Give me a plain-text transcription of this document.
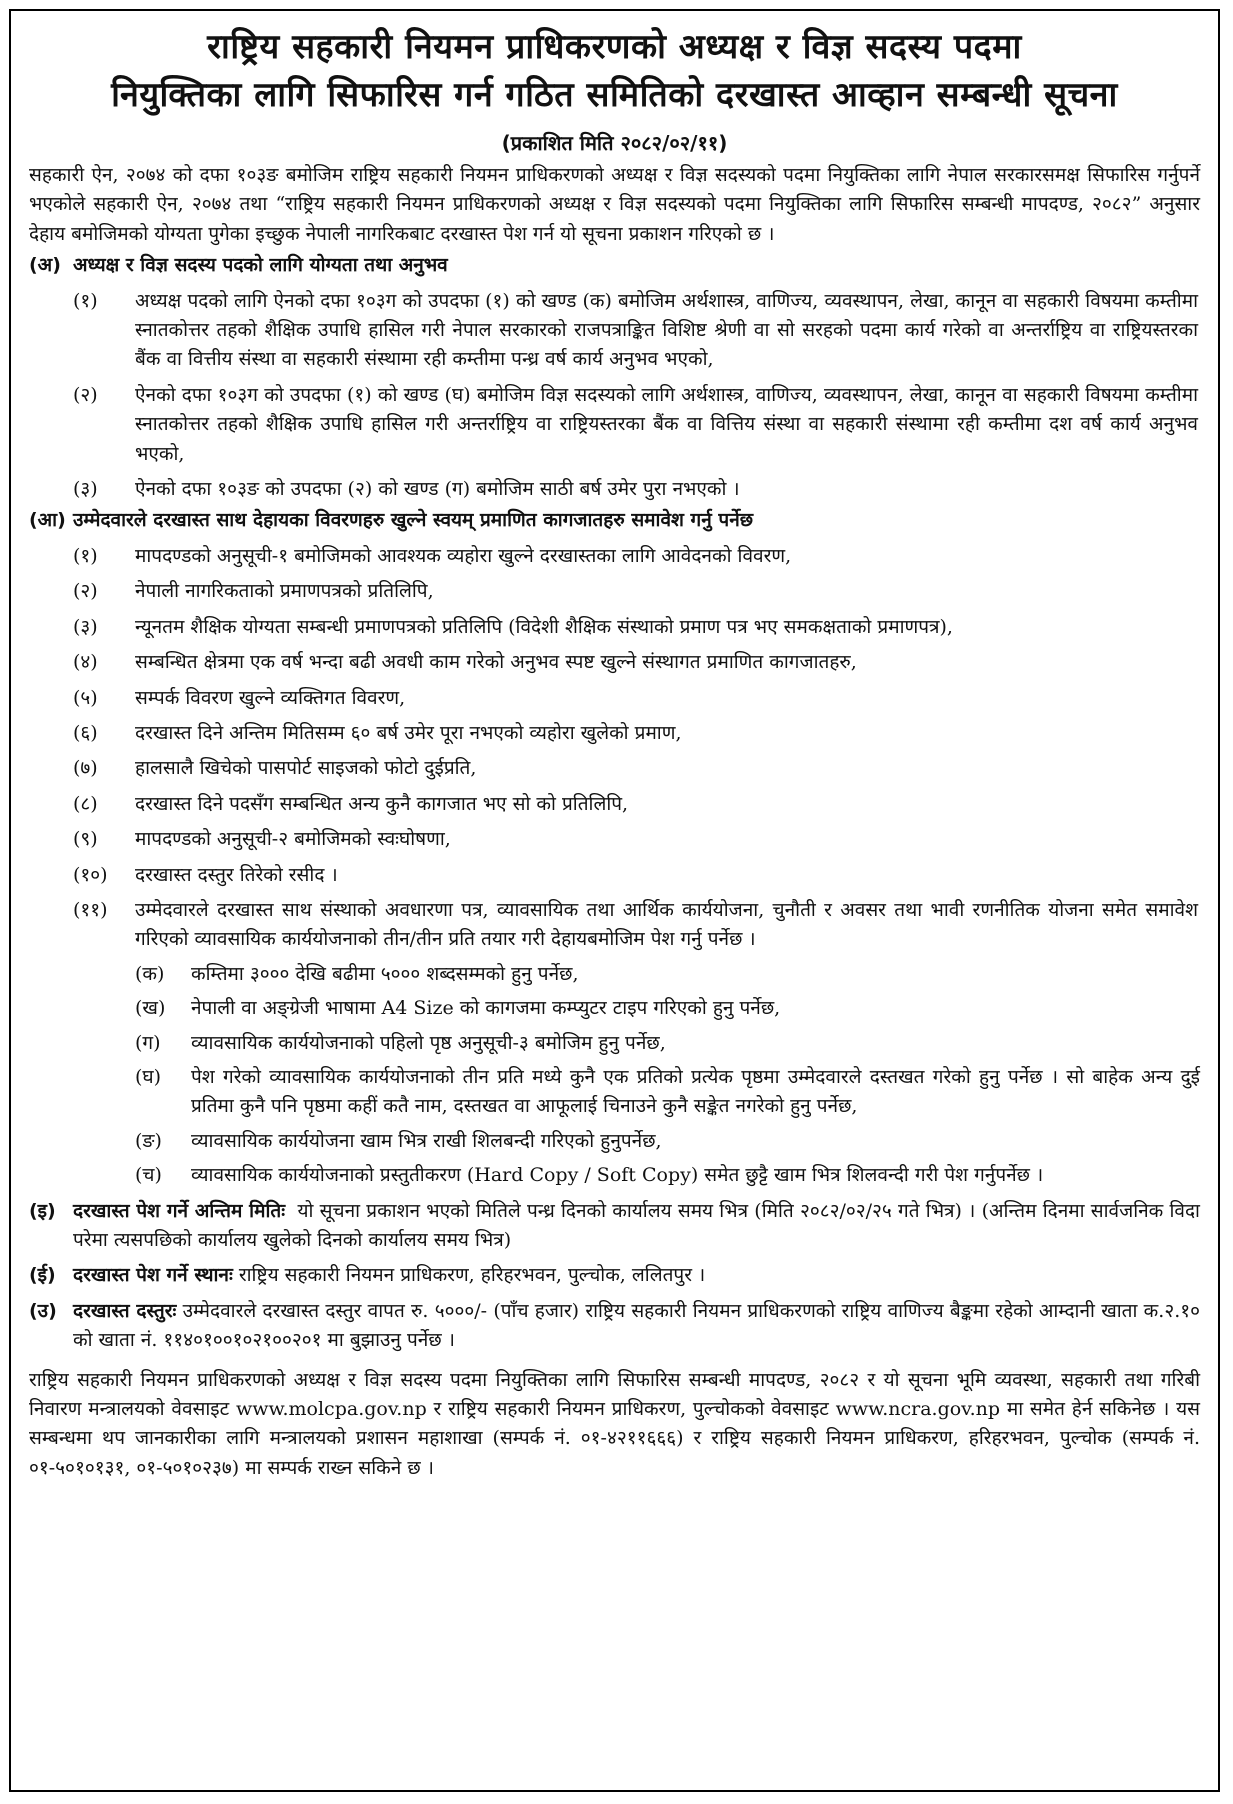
राष्ट्रिय सहकारी नियमन प्राधिकरणको अध्यक्ष र विज्ञ सदस्य पदमा
नियुक्तिका लागि सिफारिस गर्न गठित समितिको दरखास्त आव्हान सम्बन्धी सूचना
(प्रकाशित मिति २०८२/०२/११)
सहकारी ऐन, २०७४ को दफा १०३ङ बमोजिम राष्ट्रिय सहकारी नियमन प्राधिकरणको अध्यक्ष र विज्ञ सदस्यको पदमा नियुक्तिका लागि नेपाल सरकारसमक्ष सिफारिस गर्नुपर्ने भएकोले सहकारी ऐन, २०७४ तथा “राष्ट्रिय सहकारी नियमन प्राधिकरणको अध्यक्ष र विज्ञ सदस्यको पदमा नियुक्तिका लागि सिफारिस सम्बन्धी मापदण्ड, २०८२” अनुसार देहाय बमोजिमको योग्यता पुगेका इच्छुक नेपाली नागरिकबाट दरखास्त पेश गर्न यो सूचना प्रकाशन गरिएको छ ।
(अ) अध्यक्ष र विज्ञ सदस्य पदको लागि योग्यता तथा अनुभव
(१)	अध्यक्ष पदको लागि ऐनको दफा १०३ग को उपदफा (१) को खण्ड (क) बमोजिम अर्थशास्त्र, वाणिज्य, व्यवस्थापन, लेखा, कानून वा सहकारी विषयमा कम्तीमा स्नातकोत्तर तहको शैक्षिक उपाधि हासिल गरी नेपाल सरकारको राजपत्राङ्कित विशिष्ट श्रेणी वा सो सरहको पदमा कार्य गरेको वा अन्तर्राष्ट्रिय वा राष्ट्रियस्तरका बैंक वा वित्तीय संस्था वा सहकारी संस्थामा रही कम्तीमा पन्ध्र वर्ष कार्य अनुभव भएको,
(२)	ऐनको दफा १०३ग को उपदफा (१) को खण्ड (घ) बमोजिम विज्ञ सदस्यको लागि अर्थशास्त्र, वाणिज्य, व्यवस्थापन, लेखा, कानून वा सहकारी विषयमा कम्तीमा स्नातकोत्तर तहको शैक्षिक उपाधि हासिल गरी अन्तर्राष्ट्रिय वा राष्ट्रियस्तरका बैंक वा वित्तिय संस्था वा सहकारी संस्थामा रही कम्तीमा दश वर्ष कार्य अनुभव भएको,
(३)	ऐनको दफा १०३ङ को उपदफा (२) को खण्ड (ग) बमोजिम साठी बर्ष उमेर पुरा नभएको ।
(आ) उम्मेदवारले दरखास्त साथ देहायका विवरणहरु खुल्ने स्वयम् प्रमाणित कागजातहरु समावेश गर्नु पर्नेछ
(१)	मापदण्डको अनुसूची-१ बमोजिमको आवश्यक व्यहोरा खुल्ने दरखास्तका लागि आवेदनको विवरण,
(२)	नेपाली नागरिकताको प्रमाणपत्रको प्रतिलिपि,
(३)	न्यूनतम शैक्षिक योग्यता सम्बन्धी प्रमाणपत्रको प्रतिलिपि (विदेशी शैक्षिक संस्थाको प्रमाण पत्र भए समकक्षताको प्रमाणपत्र),
(४)	सम्बन्धित क्षेत्रमा एक वर्ष भन्दा बढी अवधी काम गरेको अनुभव स्पष्ट खुल्ने संस्थागत प्रमाणित कागजातहरु,
(५)	सम्पर्क विवरण खुल्ने व्यक्तिगत विवरण,
(६)	दरखास्त दिने अन्तिम मितिसम्म ६० बर्ष उमेर पूरा नभएको व्यहोरा खुलेको प्रमाण,
(७)	हालसालै खिचेको पासपोर्ट साइजको फोटो दुईप्रति,
(८)	दरखास्त दिने पदसँग सम्बन्धित अन्य कुनै कागजात भए सो को प्रतिलिपि,
(९)	मापदण्डको अनुसूची-२ बमोजिमको स्वःघोषणा,
(१०)	दरखास्त दस्तुर तिरेको रसीद ।
(११)	उम्मेदवारले दरखास्त साथ संस्थाको अवधारणा पत्र, व्यावसायिक तथा आर्थिक कार्ययोजना, चुनौती र अवसर तथा भावी रणनीतिक योजना समेत समावेश गरिएको व्यावसायिक कार्ययोजनाको तीन/तीन प्रति तयार गरी देहायबमोजिम पेश गर्नु पर्नेछ ।
(क)	कम्तिमा ३००० देखि बढीमा ५००० शब्दसम्मको हुनु पर्नेछ,
(ख)	नेपाली वा अङ्ग्रेजी भाषामा A4 Size को कागजमा कम्प्युटर टाइप गरिएको हुनु पर्नेछ,
(ग)	व्यावसायिक कार्ययोजनाको पहिलो पृष्ठ अनुसूची-३ बमोजिम हुनु पर्नेछ,
(घ)	पेश गरेको व्यावसायिक कार्ययोजनाको तीन प्रति मध्ये कुनै एक प्रतिको प्रत्येक पृष्ठमा उम्मेदवारले दस्तखत गरेको हुनु पर्नेछ । सो बाहेक अन्य दुई प्रतिमा कुनै पनि पृष्ठमा कहीं कतै नाम, दस्तखत वा आफूलाई चिनाउने कुनै सङ्केत नगरेको हुनु पर्नेछ,
(ङ)	व्यावसायिक कार्ययोजना खाम भित्र राखी शिलबन्दी गरिएको हुनुपर्नेछ,
(च)	व्यावसायिक कार्ययोजनाको प्रस्तुतीकरण (Hard Copy / Soft Copy) समेत छुट्टै खाम भित्र शिलवन्दी गरी पेश गर्नुपर्नेछ ।
(इ) दरखास्त पेश गर्ने अन्तिम मितिः यो सूचना प्रकाशन भएको मितिले पन्ध्र दिनको कार्यालय समय भित्र (मिति २०८२/०२/२५ गते भित्र) । (अन्तिम दिनमा सार्वजनिक विदा परेमा त्यसपछिको कार्यालय खुलेको दिनको कार्यालय समय भित्र)
(ई) दरखास्त पेश गर्ने स्थानः राष्ट्रिय सहकारी नियमन प्राधिकरण, हरिहरभवन, पुल्चोक, ललितपुर ।
(उ) दरखास्त दस्तुरः उम्मेदवारले दरखास्त दस्तुर वापत रु. ५०००/- (पाँच हजार) राष्ट्रिय सहकारी नियमन प्राधिकरणको राष्ट्रिय वाणिज्य बैङ्कमा रहेको आम्दानी खाता क.२.१० को खाता नं. ११४०१००१०२१००२०१ मा बुझाउनु पर्नेछ ।
राष्ट्रिय सहकारी नियमन प्राधिकरणको अध्यक्ष र विज्ञ सदस्य पदमा नियुक्तिका लागि सिफारिस सम्बन्धी मापदण्ड, २०८२ र यो सूचना भूमि व्यवस्था, सहकारी तथा गरिबी निवारण मन्त्रालयको वेवसाइट www.molcpa.gov.np र राष्ट्रिय सहकारी नियमन प्राधिकरण, पुल्चोकको वेवसाइट www.ncra.gov.np मा समेत हेर्न सकिनेछ । यस सम्बन्धमा थप जानकारीका लागि मन्त्रालयको प्रशासन महाशाखा (सम्पर्क नं. ०१-४२११६६६) र राष्ट्रिय सहकारी नियमन प्राधिकरण, हरिहरभवन, पुल्चोक (सम्पर्क नं. ०१-५०१०१३१, ०१-५०१०२३७) मा सम्पर्क राख्न सकिने छ ।
